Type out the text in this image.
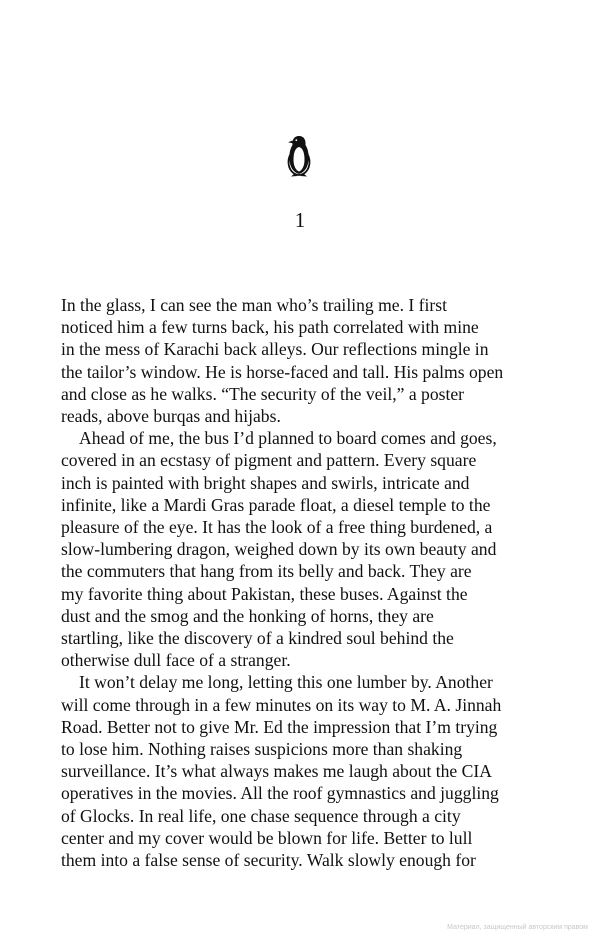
1
In the glass, I can see the man who’s trailing me. I first
noticed him a few turns back, his path correlated with mine
in the mess of Karachi back alleys. Our reflections mingle in
the tailor’s window. He is horse-faced and tall. His palms open
and close as he walks. “The security of the veil,” a poster
reads, above burqas and hijabs.
Ahead of me, the bus I’d planned to board comes and goes,
covered in an ecstasy of pigment and pattern. Every square
inch is painted with bright shapes and swirls, intricate and
infinite, like a Mardi Gras parade float, a diesel temple to the
pleasure of the eye. It has the look of a free thing burdened, a
slow-lumbering dragon, weighed down by its own beauty and
the commuters that hang from its belly and back. They are
my favorite thing about Pakistan, these buses. Against the
dust and the smog and the honking of horns, they are
startling, like the discovery of a kindred soul behind the
otherwise dull face of a stranger.
It won’t delay me long, letting this one lumber by. Another
will come through in a few minutes on its way to M. A. Jinnah
Road. Better not to give Mr. Ed the impression that I’m trying
to lose him. Nothing raises suspicions more than shaking
surveillance. It’s what always makes me laugh about the CIA
operatives in the movies. All the roof gymnastics and juggling
of Glocks. In real life, one chase sequence through a city
center and my cover would be blown for life. Better to lull
them into a false sense of security. Walk slowly enough for
Материал, защищенный авторским правом
